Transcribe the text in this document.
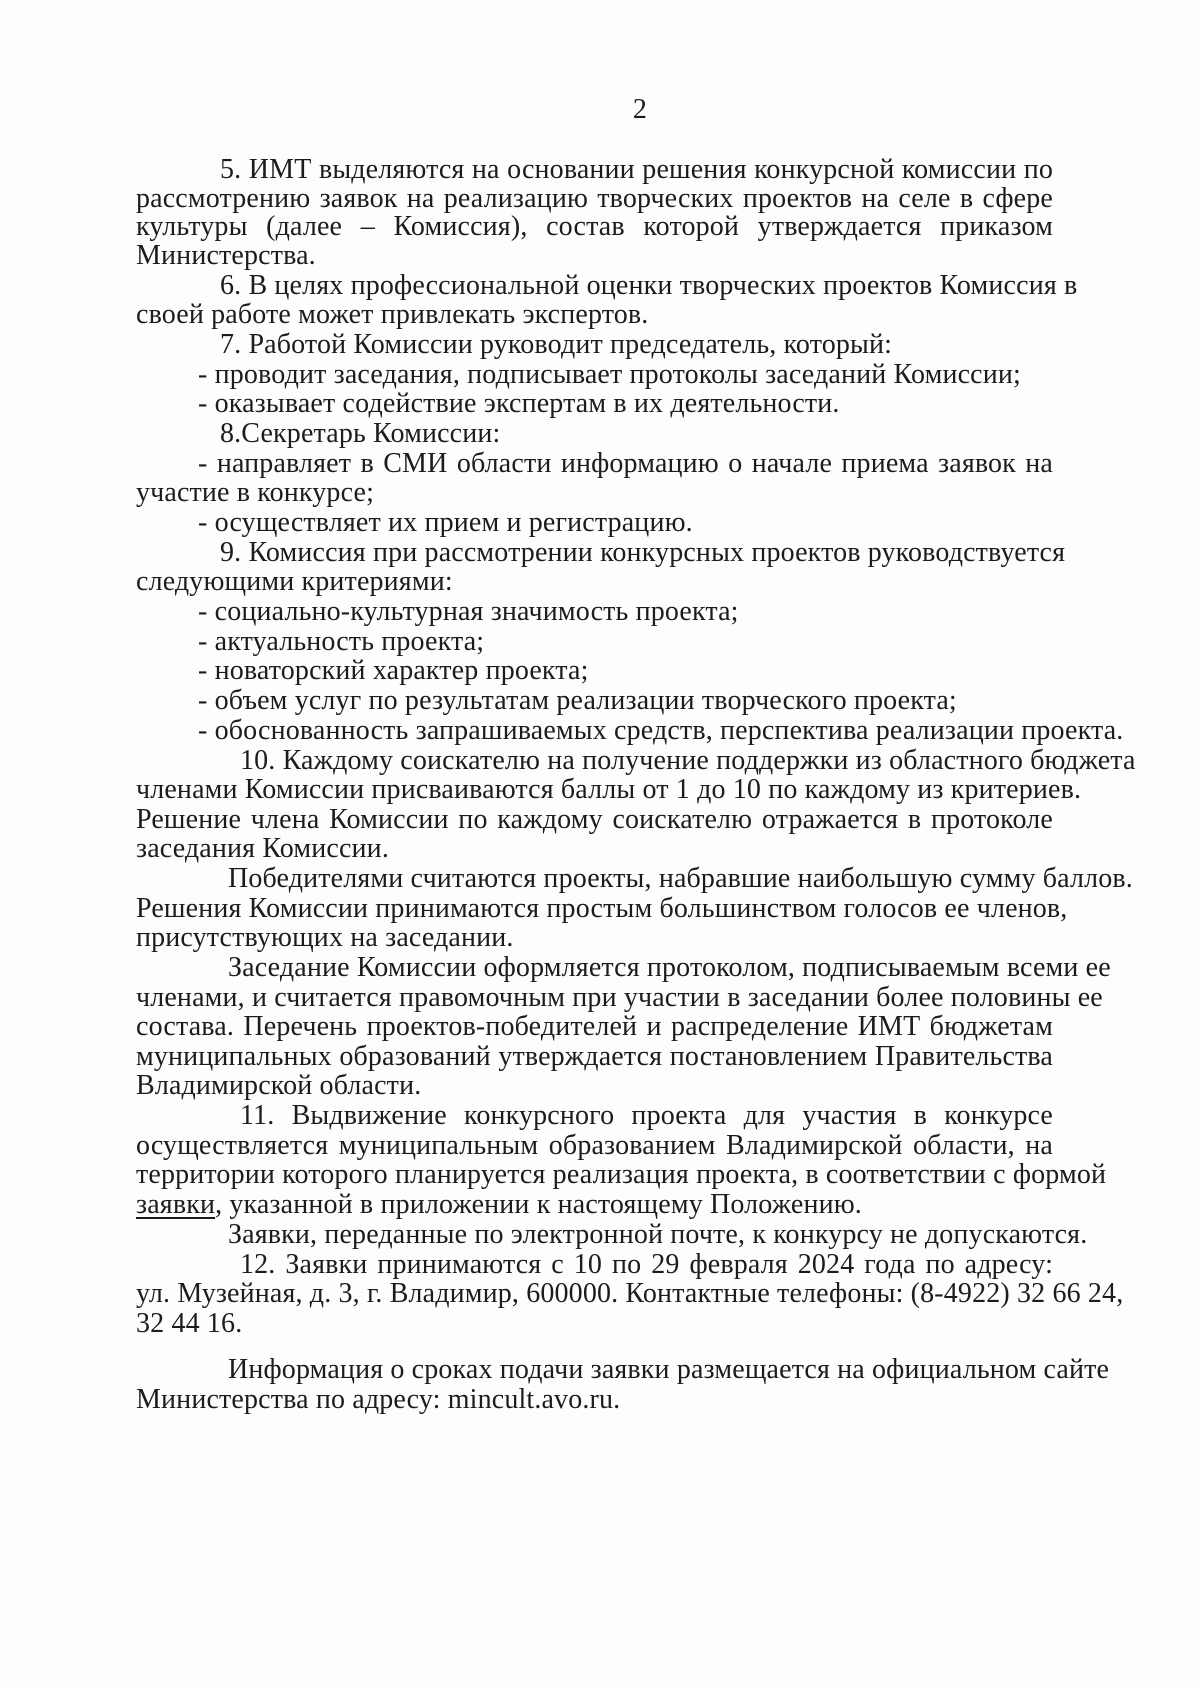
2
5. ИМТ выделяются на основании решения конкурсной комиссии по
рассмотрению заявок на реализацию творческих проектов на селе в сфере
культуры (далее – Комиссия), состав которой утверждается приказом
Министерства.
6. В целях профессиональной оценки творческих проектов Комиссия в
своей работе может привлекать экспертов.
7. Работой Комиссии руководит председатель, который:
- проводит заседания, подписывает протоколы заседаний Комиссии;
- оказывает содействие экспертам в их деятельности.
8.Секретарь Комиссии:
- направляет в СМИ области информацию о начале приема заявок на
участие в конкурсе;
- осуществляет их прием и регистрацию.
9. Комиссия при рассмотрении конкурсных проектов руководствуется
следующими критериями:
- социально-культурная значимость проекта;
- актуальность проекта;
- новаторский характер проекта;
- объем услуг по результатам реализации творческого проекта;
- обоснованность запрашиваемых средств, перспектива реализации проекта.
10. Каждому соискателю на получение поддержки из областного бюджета
членами Комиссии присваиваются баллы от 1 до 10 по каждому из критериев.
Решение члена Комиссии по каждому соискателю отражается в протоколе
заседания Комиссии.
Победителями считаются проекты, набравшие наибольшую сумму баллов.
Решения Комиссии принимаются простым большинством голосов ее членов,
присутствующих на заседании.
Заседание Комиссии оформляется протоколом, подписываемым всеми ее
членами, и считается правомочным при участии в заседании более половины ее
состава. Перечень проектов-победителей и распределение ИМТ бюджетам
муниципальных образований утверждается постановлением Правительства
Владимирской области.
11. Выдвижение конкурсного проекта для участия в конкурсе
осуществляется муниципальным образованием Владимирской области, на
территории которого планируется реализация проекта, в соответствии с формой
заявки, указанной в приложении к настоящему Положению.
Заявки, переданные по электронной почте, к конкурсу не допускаются.
12. Заявки принимаются с 10 по 29 февраля 2024 года по адресу:
ул. Музейная, д. 3, г. Владимир, 600000. Контактные телефоны: (8-4922) 32 66 24,
32 44 16.
Информация о сроках подачи заявки размещается на официальном сайте
Министерства по адресу: mincult.avo.ru.
